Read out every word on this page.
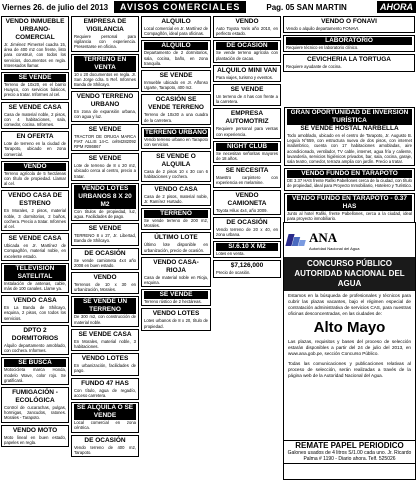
Viernes 26. de julio del 2013	AVISOS COMERCIALES	Pag. 05 SAN MARTIN	AHORA
VENDO INMUEBLE URBANO-COMERCIAL
Jr. Jiménez Pimentel cuadra 15, área de 400 m2 con frente, listo para construir, con todos los servicios, documentos en regla. Interesados llamar.
SE VENDE
Terreno de 10x20, en el barrio Huayco, con servicios básicos, precio a tratar. Informes al cel.
SE VENDE CASA
Casa de material noble, 2 pisos, con 4 habitaciones, sala, comedor, cocina. Informes.
EN OFERTA
Lote de terreno en la ciudad de Tarapoto, ubicado en zona comercial.
VENDO
Terreno agrícola de 5 hectáreas con título de propiedad. Llamar al cel.
VENDO CASA DE ESTRENO
En Morales, 2 pisos, material noble, 3 dormitorios, 2 baños, cochera. Precio a tratar. Informes al cel.
SE VENDE CASA
Ubicada en Jr. Martínez de Compagñón, material noble, en excelente estado.
TELEVISIÓN SATELITAL
Instalación de antenas, cable, más de 100 canales. Llame ya.
VENDO CASA
En La Banda de Shilcayo, esquina, 2 pisos, con todos los servicios.
DPTO 2 DORMITORIOS
Alquilo departamento amoblado, con cochera. Informes.
SE BUSCA
Motocicleta marca Honda, modelo Wave, color rojo. Se gratificará.
FUMIGACIÓN - ECOLÓGICA
Control de cucarachas, pulgas, hormigas, zancudos, ratones. Morales - Tarapoto.
VENDO MOTO
Moto lineal en buen estado, papeles en regla.
EMPRESA DE VIGILANCIA
Requiere personal para vigilancia con experiencia. Presentarse en oficina.
TERRENO EN VENTA
10 x 20 documentos en regla. Jr. San Jorge cdra. 5 Ref. Informes Banda de Shilcayo.
VENDO TERRENO URBANO
En zona de expansión urbana, con agua y luz.
SE VENDE
TRACTOR DE ORUGA MARCA FIAT ALLIS 14-C. cel94282092 RPM #286867
SE VENDE
Lote de terreno de 8 x 20 m2, ubicado cerca al centro, precio a tratar.
VENDO LOTES URBANOS 8 X 20 M2
Con títulos de propiedad, luz, agua. Facilidades de pago.
SE VENDE
TERRENO 8 x 27, Jr. Libertad, Banda de Shilcayo.
DE OCASIÓN
Se vende camioneta 4x4 año 2008 en buen estado.
VENDO
Terrenos de 10 x 30 en urbanización, Morales.
SE VENDE UN TERRENO
De 300 m2, con construcción de material noble.
SE VENDE CASA
En Morales, material noble, 3 habitaciones.
VENDO LOTES
En urbanización, facilidades de pago.
FUNDO 47 HAS
Con título, agua de regadío, acceso carretera.
SE ALQUILA O SE VENDE
Local comercial en zona céntrica.
DE OCASIÓN
Vendo terreno de 400 m2, Tarapoto.
ALQUILO
Local comercial en Jr. Martínez de Compagñón, ideal para oficinas.
ALQUILO
Departamento de 2 dormitorios, sala, cocina, baño, en zona tranquila.
SE VENDE
Inmueble ubicado en Jr. Alfonso Ugarte, Tarapoto, 400 m2.
OCASIÓN SE VENDE TERRENO
Terreno de 10x30 a una cuadra de la carretera.
TERRENO URBANO
Vendo terreno urbano en Tarapoto con servicios.
SE VENDE O ALQUILA
Casa de 2 pisos 10 x 30 con 6 habitaciones y cochera.
VENDO CASA
Casa de 2 pisos, material noble, Jr. Ramírez Hurtado.
TERRENO
Se vende terreno de 200 m2, Morales.
ÚLTIMO LOTE
Último lote disponible en urbanización, precio de ocasión.
VENDO CASA-RIOJA
Casa de material noble en Rioja, esquina.
SE VENDE
Terreno rústico de 2 hectáreas.
VENDO LOTES
Lotes urbanos de 8 x 20, título de propiedad.
VENDO
Auto Toyota Yaris año 2010, en perfecto estado.
DE OCASIÓN
Se vende terreno agrícola con plantación de cacao.
ALQUILO MINI VAN
Para viajes, turismo y eventos.
SE VENDE
Un terreno de 4 has con frente a la carretera.
EMPRESA AUTOMOTRIZ
Requiere personal para ventas con experiencia.
NIGHT CLUB
Se necesitan señoritas mayores de 18 años.
SE NECESITA
Maestro carpintero con experiencia en melamine.
VENDO CAMIONETA
Toyota Hilux 4x4, año 2009.
DE OCASIÓN
Vendo terreno de 20 x 40, en zona urbana.
S/.6.10 X M2
Lotes en venta.
$7,126,000
Precio de ocasión.
VENDO O FONAVI
Vendo o alquilo departamento FONAVI.
LABORATORIO
Requiere técnico en laboratorio clínico.
CEVICHERIA LA TORTUGA
Requiere ayudante de cocina.
GRAN OPORTUNIDAD DE INVERSIÓN TURÍSTICA
SE VENDE HOSTAL NARBELLA
Todo amoblado, ubicado en el centro de Tarapoto, Jr. Augusto B. Leguía N°659, con estructura nueva de dos pisos, con internet inalámbrico, cuenta con 17 habitaciones amobladas, aire acondicionado, ventilador, TV cable, internet, agua fría y caliente, lavandería, servicios higiénicos privados, bar, sala, cocina, garaje, sala teatro, comedor, terraza amplia con jardín. Precio a tratar.
VENDO FUNDO EN TARAPOTO
DE 3.37 HAS frente Rafiki Pabellones cerca de la ciudad, con título de propiedad, ideal para Proyecto Inmobiliario, Hotelero y Turístico.
VENDO FUNDO EN TARAPOTO - 0.37 HAS
Junto al hotel Rafiki, frente Pabellones, cerca a la ciudad, ideal para proyecto inmobiliario.
ANA
Autoridad Nacional del Agua
CONCURSO PÚBLICO AUTORIDAD NACIONAL DEL AGUA
Estamos en la búsqueda de profesionales y técnicos para cubrir las plazas vacantes, bajo el régimen especial de contratación administrativa de servicios CAS, para nuestras oficinas desconcentradas, en las ciudades de:
Alto Mayo
Las plazas, requisitos y bases del proceso de selección estarán disponibles a partir del 24 de julio del 2013, en www.ana.gob.pe, sección Concurso Público.
Todas las comunicaciones y publicaciones relativas al proceso de selección, serán realizadas a través de la página web de la Autoridad Nacional del Agua.
REMATE PAPEL PERIODICO
Galones usados de 4 litros S/1.00 cada uno. Jr. Ricardo Palma # 1190 - Diario ahora. Telf. 525026
